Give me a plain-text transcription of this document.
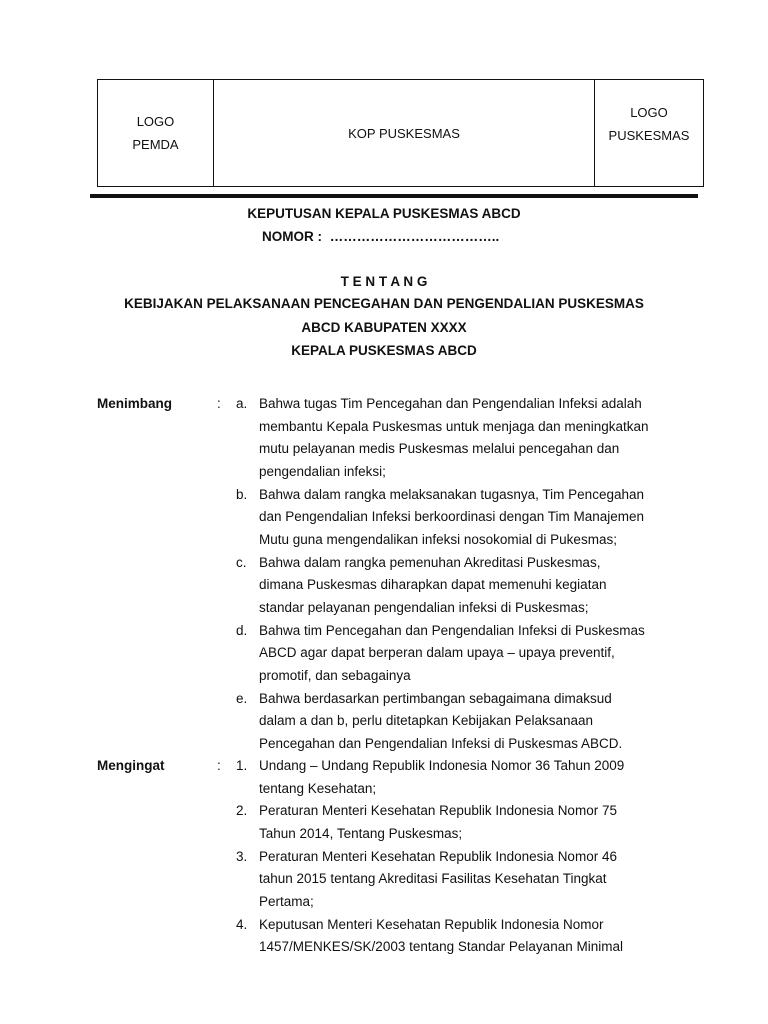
LOGO
PEMDA
KOP PUSKESMAS
LOGO
PUSKESMAS
KEPUTUSAN KEPALA PUSKESMAS ABCD
NOMOR : ………………………………..
T E N T A N G
KEBIJAKAN PELAKSANAAN PENCEGAHAN DAN PENGENDALIAN PUSKESMAS
ABCD KABUPATEN XXXX
KEPALA PUSKESMAS ABCD
Menimbang	: a. Bahwa tugas Tim Pencegahan dan Pengendalian Infeksi adalah
membantu Kepala Puskesmas untuk menjaga dan meningkatkan
mutu pelayanan medis Puskesmas melalui pencegahan dan
pengendalian infeksi;
b. Bahwa dalam rangka melaksanakan tugasnya, Tim Pencegahan
dan Pengendalian Infeksi berkoordinasi dengan Tim Manajemen
Mutu guna mengendalikan infeksi nosokomial di Pukesmas;
c. Bahwa dalam rangka pemenuhan Akreditasi Puskesmas,
dimana Puskesmas diharapkan dapat memenuhi kegiatan
standar pelayanan pengendalian infeksi di Puskesmas;
d. Bahwa tim Pencegahan dan Pengendalian Infeksi di Puskesmas
ABCD agar dapat berperan dalam upaya – upaya preventif,
promotif, dan sebagainya
e. Bahwa berdasarkan pertimbangan sebagaimana dimaksud
dalam a dan b, perlu ditetapkan Kebijakan Pelaksanaan
Pencegahan dan Pengendalian Infeksi di Puskesmas ABCD.
Mengingat	: 1. Undang – Undang Republik Indonesia Nomor 36 Tahun 2009
tentang Kesehatan;
2. Peraturan Menteri Kesehatan Republik Indonesia Nomor 75
Tahun 2014, Tentang Puskesmas;
3. Peraturan Menteri Kesehatan Republik Indonesia Nomor 46
tahun 2015 tentang Akreditasi Fasilitas Kesehatan Tingkat
Pertama;
4. Keputusan Menteri Kesehatan Republik Indonesia Nomor
1457/MENKES/SK/2003 tentang Standar Pelayanan Minimal
